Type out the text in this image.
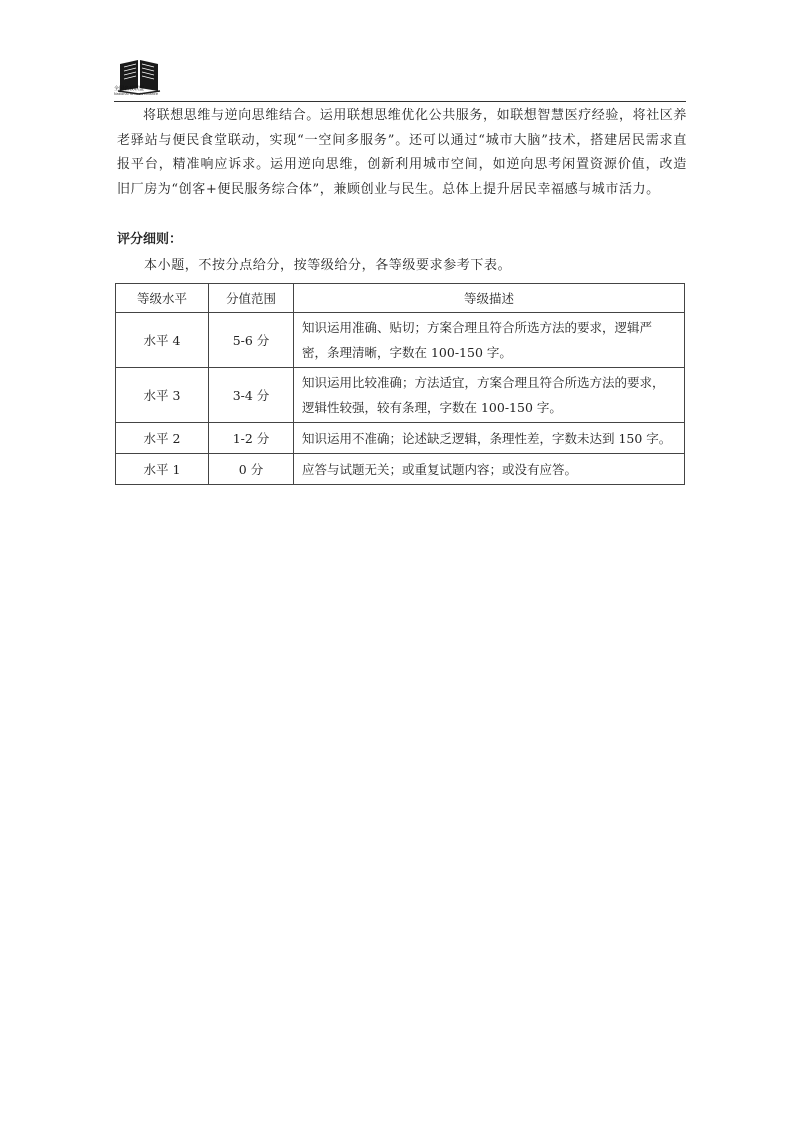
全国名校联盟
National Schools Alliance

将联想思维与逆向思维结合。运用联想思维优化公共服务，如联想智慧医疗经验，将社区养老驿站与便民食堂联动，实现“一空间多服务”。还可以通过“城市大脑”技术，搭建居民需求直报平台，精准响应诉求。运用逆向思维，创新利用城市空间，如逆向思考闲置资源价值，改造旧厂房为“创客+便民服务综合体”，兼顾创业与民生。总体上提升居民幸福感与城市活力。

评分细则：

本小题，不按分点给分，按等级给分，各等级要求参考下表。

等级水平	分值范围	等级描述
水平 4	5-6 分	知识运用准确、贴切；方案合理且符合所选方法的要求，逻辑严密，条理清晰，字数在 100-150 字。
水平 3	3-4 分	知识运用比较准确；方法适宜，方案合理且符合所选方法的要求，逻辑性较强，较有条理，字数在 100-150 字。
水平 2	1-2 分	知识运用不准确；论述缺乏逻辑，条理性差，字数未达到 150 字。
水平 1	0 分	应答与试题无关；或重复试题内容；或没有应答。
